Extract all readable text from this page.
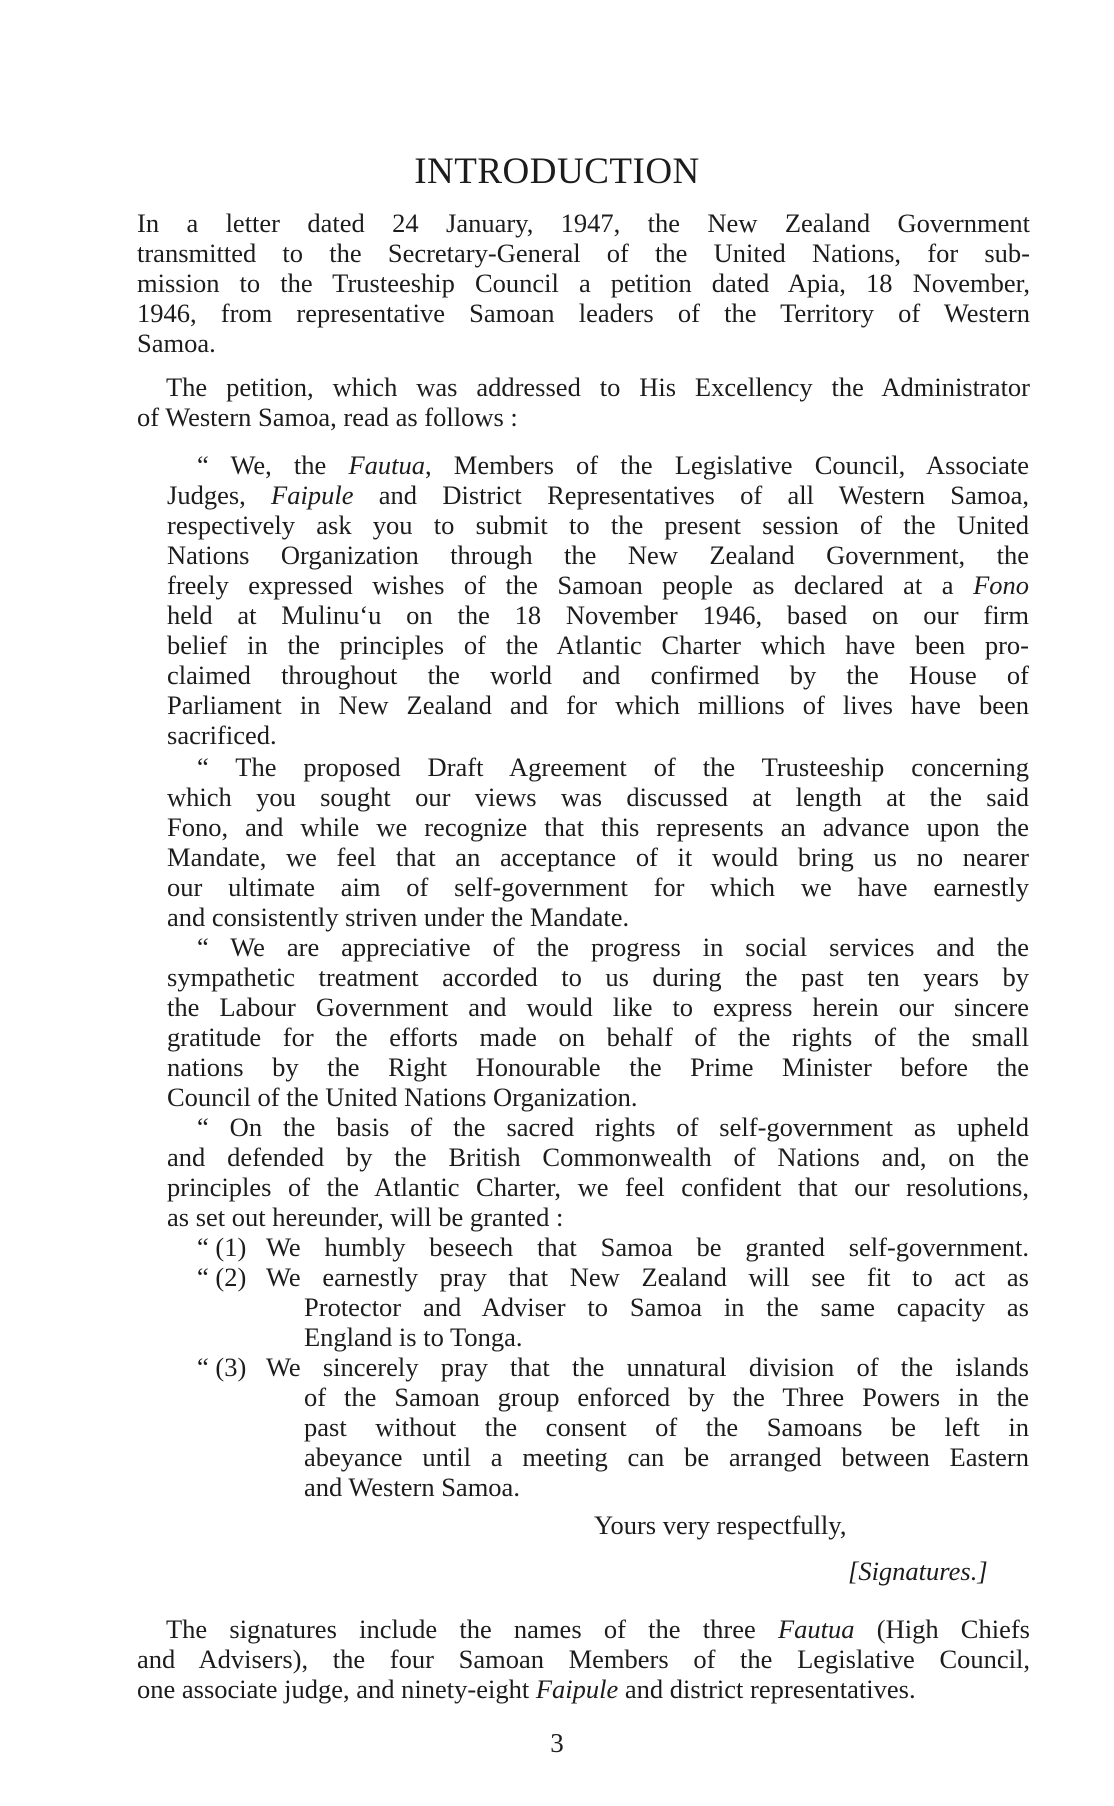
INTRODUCTION
In a letter dated 24 January, 1947, the New Zealand Government
transmitted to the Secretary-General of the United Nations, for sub-
mission to the Trusteeship Council a petition dated Apia, 18 November,
1946, from representative Samoan leaders of the Territory of Western
Samoa.
The petition, which was addressed to His Excellency the Administrator
of Western Samoa, read as follows :
“ We, the Fautua, Members of the Legislative Council, Associate
Judges, Faipule and District Representatives of all Western Samoa,
respectively ask you to submit to the present session of the United
Nations Organization through the New Zealand Government, the
freely expressed wishes of the Samoan people as declared at a Fono
held at Mulinu‘u on the 18 November 1946, based on our firm
belief in the principles of the Atlantic Charter which have been pro-
claimed throughout the world and confirmed by the House of
Parliament in New Zealand and for which millions of lives have been
sacrificed.
“ The proposed Draft Agreement of the Trusteeship concerning
which you sought our views was discussed at length at the said
Fono, and while we recognize that this represents an advance upon the
Mandate, we feel that an acceptance of it would bring us no nearer
our ultimate aim of self-government for which we have earnestly
and consistently striven under the Mandate.
“ We are appreciative of the progress in social services and the
sympathetic treatment accorded to us during the past ten years by
the Labour Government and would like to express herein our sincere
gratitude for the efforts made on behalf of the rights of the small
nations by the Right Honourable the Prime Minister before the
Council of the United Nations Organization.
“ On the basis of the sacred rights of self-government as upheld
and defended by the British Commonwealth of Nations and, on the
principles of the Atlantic Charter, we feel confident that our resolutions,
as set out hereunder, will be granted :
“ (1) We humbly beseech that Samoa be granted self-government.
“ (2) We earnestly pray that New Zealand will see fit to act as
Protector and Adviser to Samoa in the same capacity as
England is to Tonga.
“ (3) We sincerely pray that the unnatural division of the islands
of the Samoan group enforced by the Three Powers in the
past without the consent of the Samoans be left in
abeyance until a meeting can be arranged between Eastern
and Western Samoa.
Yours very respectfully,
[Signatures.]
The signatures include the names of the three Fautua (High Chiefs
and Advisers), the four Samoan Members of the Legislative Council,
one associate judge, and ninety-eight Faipule and district representatives.
3
